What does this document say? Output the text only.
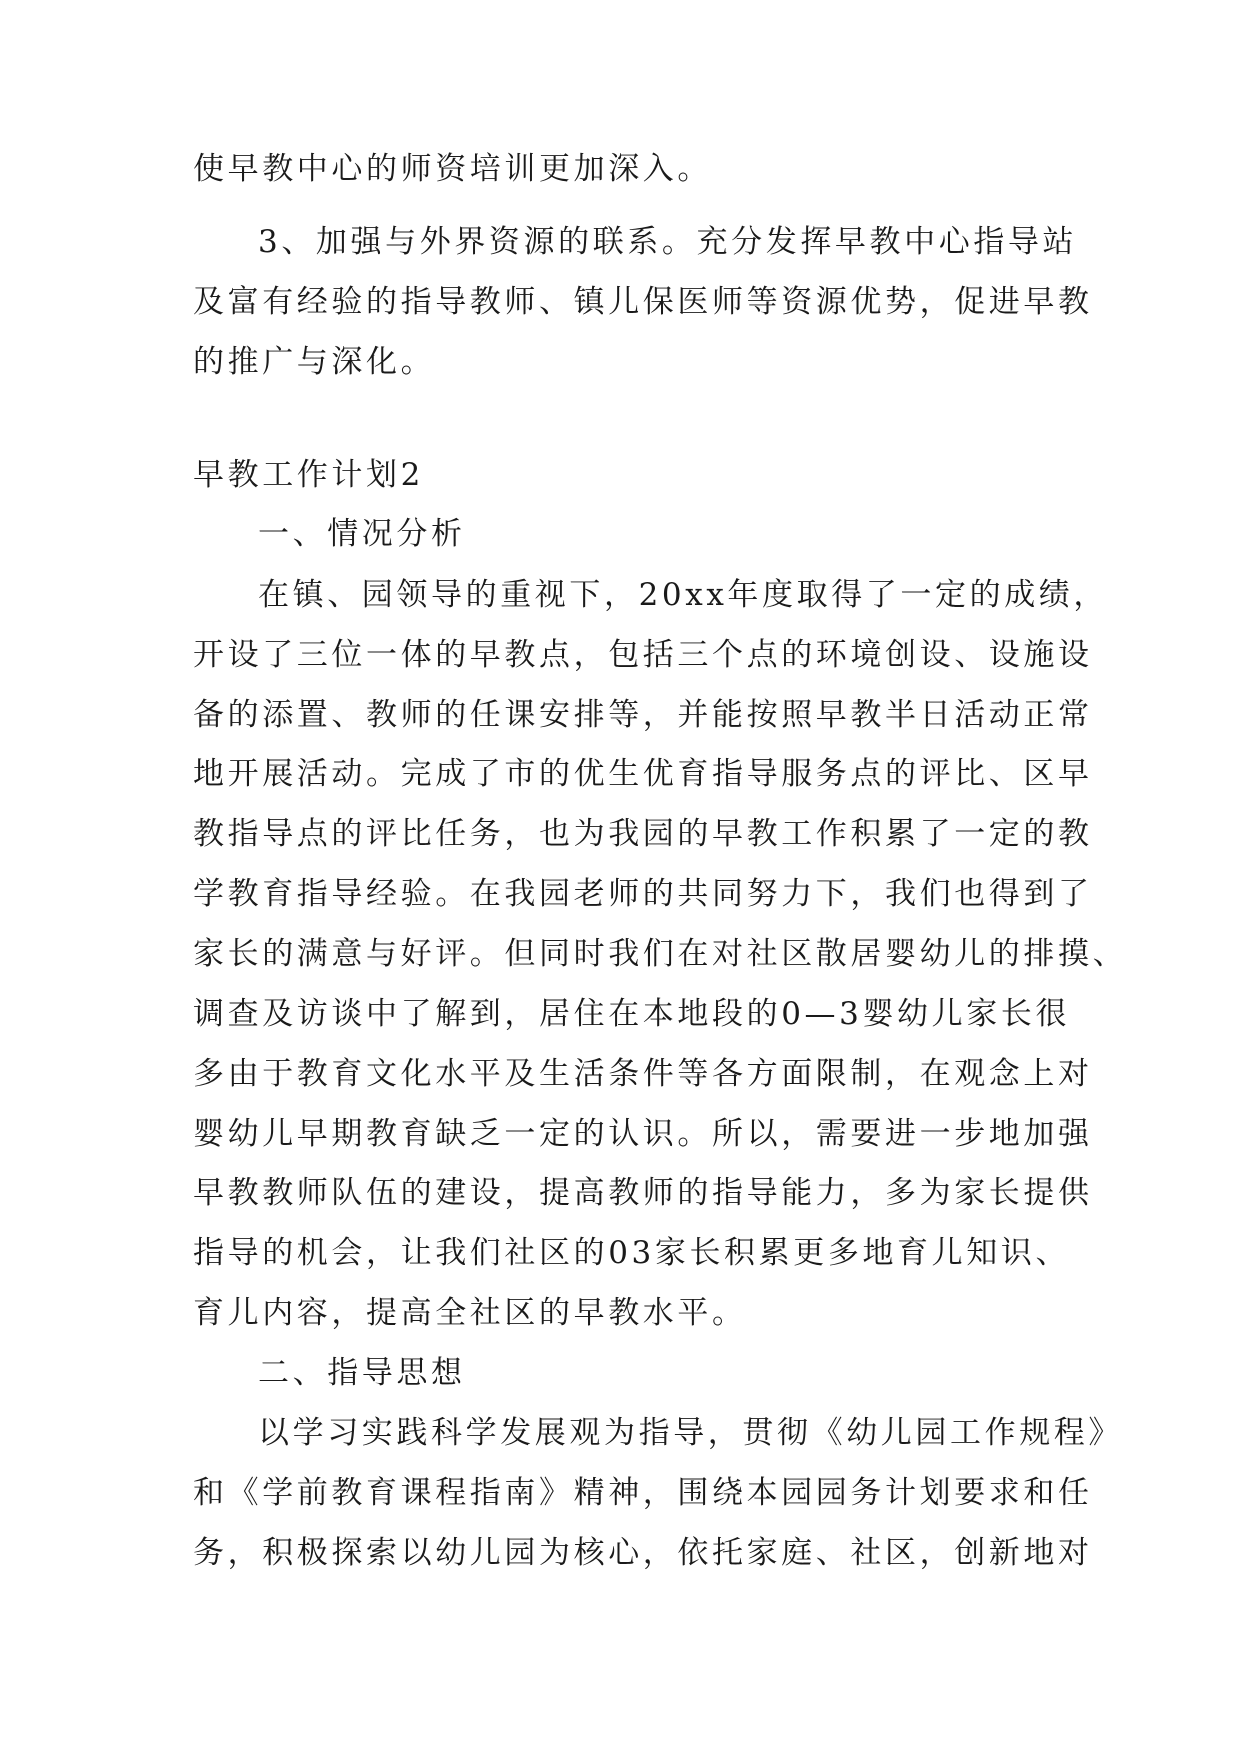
使早教中心的师资培训更加深入。
3、加强与外界资源的联系。充分发挥早教中心指导站
及富有经验的指导教师、镇儿保医师等资源优势，促进早教
的推广与深化。
早教工作计划2
一、情况分析
在镇、园领导的重视下，20xx年度取得了一定的成绩，
开设了三位一体的早教点，包括三个点的环境创设、设施设
备的添置、教师的任课安排等，并能按照早教半日活动正常
地开展活动。完成了市的优生优育指导服务点的评比、区早
教指导点的评比任务，也为我园的早教工作积累了一定的教
学教育指导经验。在我园老师的共同努力下，我们也得到了
家长的满意与好评。但同时我们在对社区散居婴幼儿的排摸、
调查及访谈中了解到，居住在本地段的0—3婴幼儿家长很
多由于教育文化水平及生活条件等各方面限制，在观念上对
婴幼儿早期教育缺乏一定的认识。所以，需要进一步地加强
早教教师队伍的建设，提高教师的指导能力，多为家长提供
指导的机会，让我们社区的03家长积累更多地育儿知识、
育儿内容，提高全社区的早教水平。
二、指导思想
以学习实践科学发展观为指导，贯彻《幼儿园工作规程》
和《学前教育课程指南》精神，围绕本园园务计划要求和任
务，积极探索以幼儿园为核心，依托家庭、社区，创新地对
